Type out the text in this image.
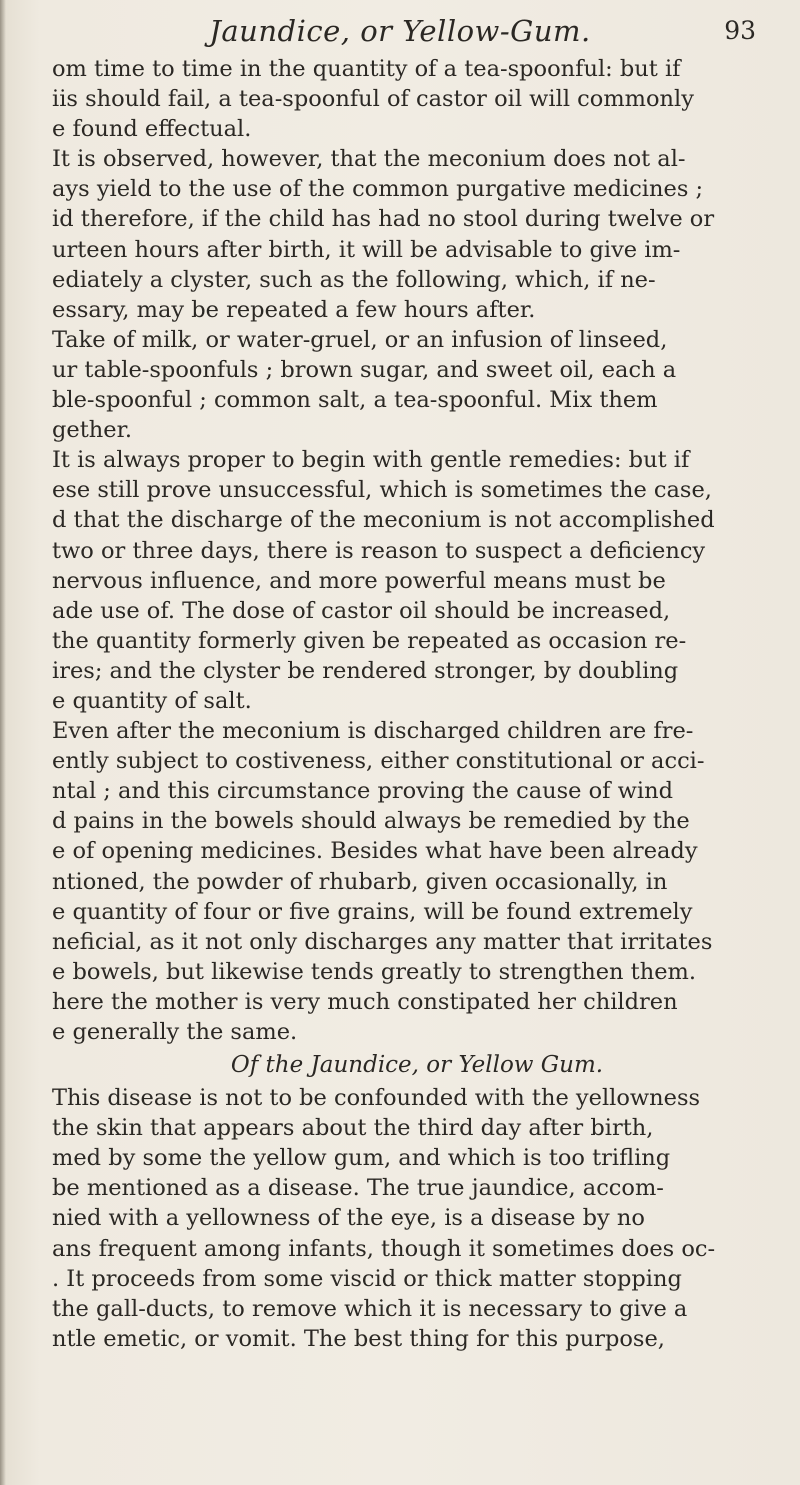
Jaundice, or Yellow-Gum.	93
om time to time in the quantity of a tea-spoonful: but if
iis should fail, a tea-spoonful of castor oil will commonly
e found effectual.
It is observed, however, that the meconium does not al-
ays yield to the use of the common purgative medicines ;
id therefore, if the child has had no stool during twelve or
urteen hours after birth, it will be advisable to give im-
ediately a clyster, such as the following, which, if ne-
essary, may be repeated a few hours after.
Take of milk, or water-gruel, or an infusion of linseed,
ur table-spoonfuls ; brown sugar, and sweet oil, each a
ble-spoonful ; common salt, a tea-spoonful. Mix them
gether.
It is always proper to begin with gentle remedies: but if
ese still prove unsuccessful, which is sometimes the case,
d that the discharge of the meconium is not accomplished
two or three days, there is reason to suspect a deficiency
nervous influence, and more powerful means must be
ade use of. The dose of castor oil should be increased,
the quantity formerly given be repeated as occasion re-
ires; and the clyster be rendered stronger, by doubling
e quantity of salt.
Even after the meconium is discharged children are fre-
ently subject to costiveness, either constitutional or acci-
ntal ; and this circumstance proving the cause of wind
d pains in the bowels should always be remedied by the
e of opening medicines. Besides what have been already
ntioned, the powder of rhubarb, given occasionally, in
e quantity of four or five grains, will be found extremely
neficial, as it not only discharges any matter that irritates
e bowels, but likewise tends greatly to strengthen them.
here the mother is very much constipated her children
e generally the same.
Of the Jaundice, or Yellow Gum.
This disease is not to be confounded with the yellowness
the skin that appears about the third day after birth,
med by some the yellow gum, and which is too trifling
be mentioned as a disease. The true jaundice, accom-
nied with a yellowness of the eye, is a disease by no
ans frequent among infants, though it sometimes does oc-
. It proceeds from some viscid or thick matter stopping
the gall-ducts, to remove which it is necessary to give a
ntle emetic, or vomit. The best thing for this purpose,
